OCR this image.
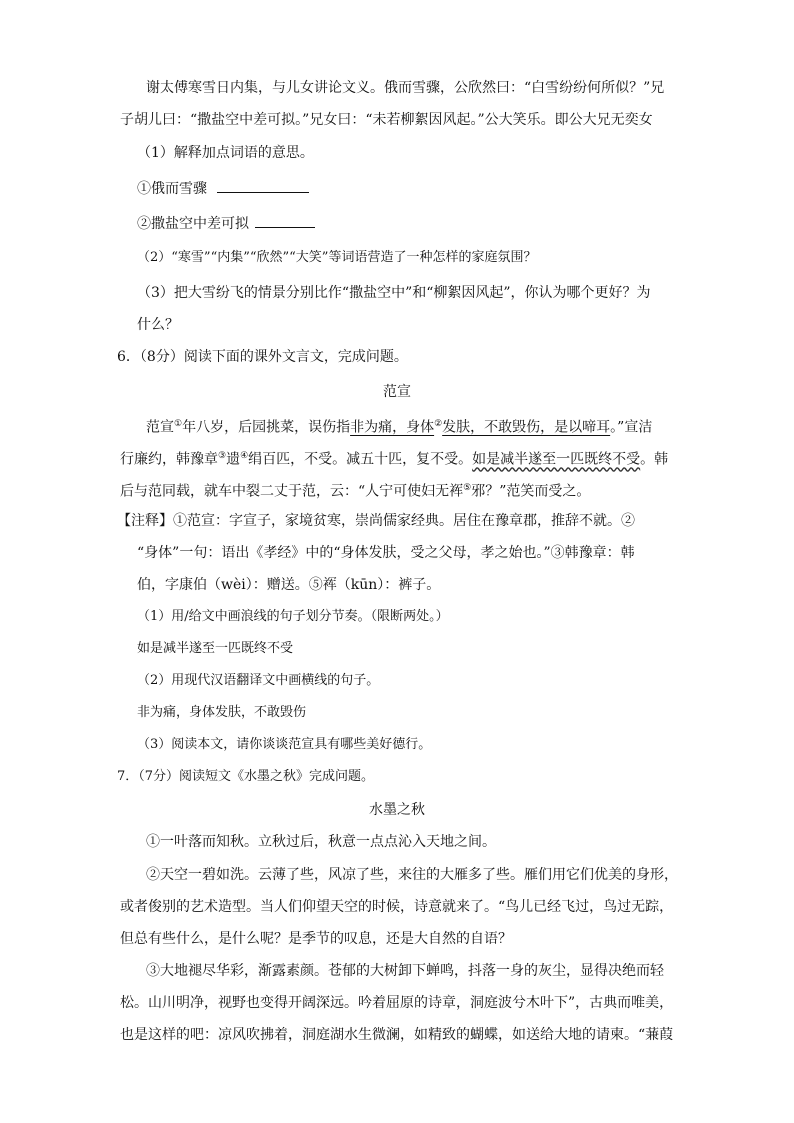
谢太傅寒雪日内集，与儿女讲论文义。俄而雪骤，公欣然曰：“白雪纷纷何所似？”兄
子胡儿曰：“撒盐空中差可拟。”兄女曰：“未若柳絮因风起。”公大笑乐。即公大兄无奕女
（1）解释加点词语的意思。
①俄而雪骤
②撒盐空中差可拟
（2）“寒雪”“内集”“欣然”“大笑”等词语营造了一种怎样的家庭氛围？
（3）把大雪纷飞的情景分别比作“撒盐空中”和“柳絮因风起”，你认为哪个更好？为
什么？
6．（8分）阅读下面的课外文言文，完成问题。
范宣
范宣①年八岁，后园挑菜，误伤指非为痛，身体②发肤，不敢毁伤，是以啼耳。”宣洁
行廉约，韩豫章③遗④绢百匹，不受。减五十匹，复不受。如是减半遂至一匹既终不受。韩
后与范同载，就车中裂二丈于范，云：“人宁可使妇无裈⑤邪？”范笑而受之。
【注释】①范宣：字宣子，家境贫寒，崇尚儒家经典。居住在豫章郡，推辞不就。②
“身体”一句：语出《孝经》中的“身体发肤，受之父母，孝之始也。”③韩豫章：韩
伯，字康伯（wèi）：赠送。⑤裈（kūn）：裤子。
（1）用/给文中画浪线的句子划分节奏。（限断两处。）
如是减半遂至一匹既终不受
（2）用现代汉语翻译文中画横线的句子。
非为痛，身体发肤，不敢毁伤
（3）阅读本文，请你谈谈范宣具有哪些美好德行。
7．（7分）阅读短文《水墨之秋》完成问题。
水墨之秋
①一叶落而知秋。立秋过后，秋意一点点沁入天地之间。
②天空一碧如洗。云薄了些，风凉了些，来往的大雁多了些。雁们用它们优美的身形，
或者俊别的艺术造型。当人们仰望天空的时候，诗意就来了。“鸟儿已经飞过，鸟过无踪，
但总有些什么，是什么呢？是季节的叹息，还是大自然的自语？
③大地褪尽华彩，渐露素颜。苍郁的大树卸下蝉鸣，抖落一身的灰尘，显得决绝而轻
松。山川明净，视野也变得开阔深远。吟着屈原的诗章，洞庭波兮木叶下”，古典而唯美，
也是这样的吧：凉风吹拂着，洞庭湖水生微澜，如精致的蝴蝶，如送给大地的请柬。“蒹葭
